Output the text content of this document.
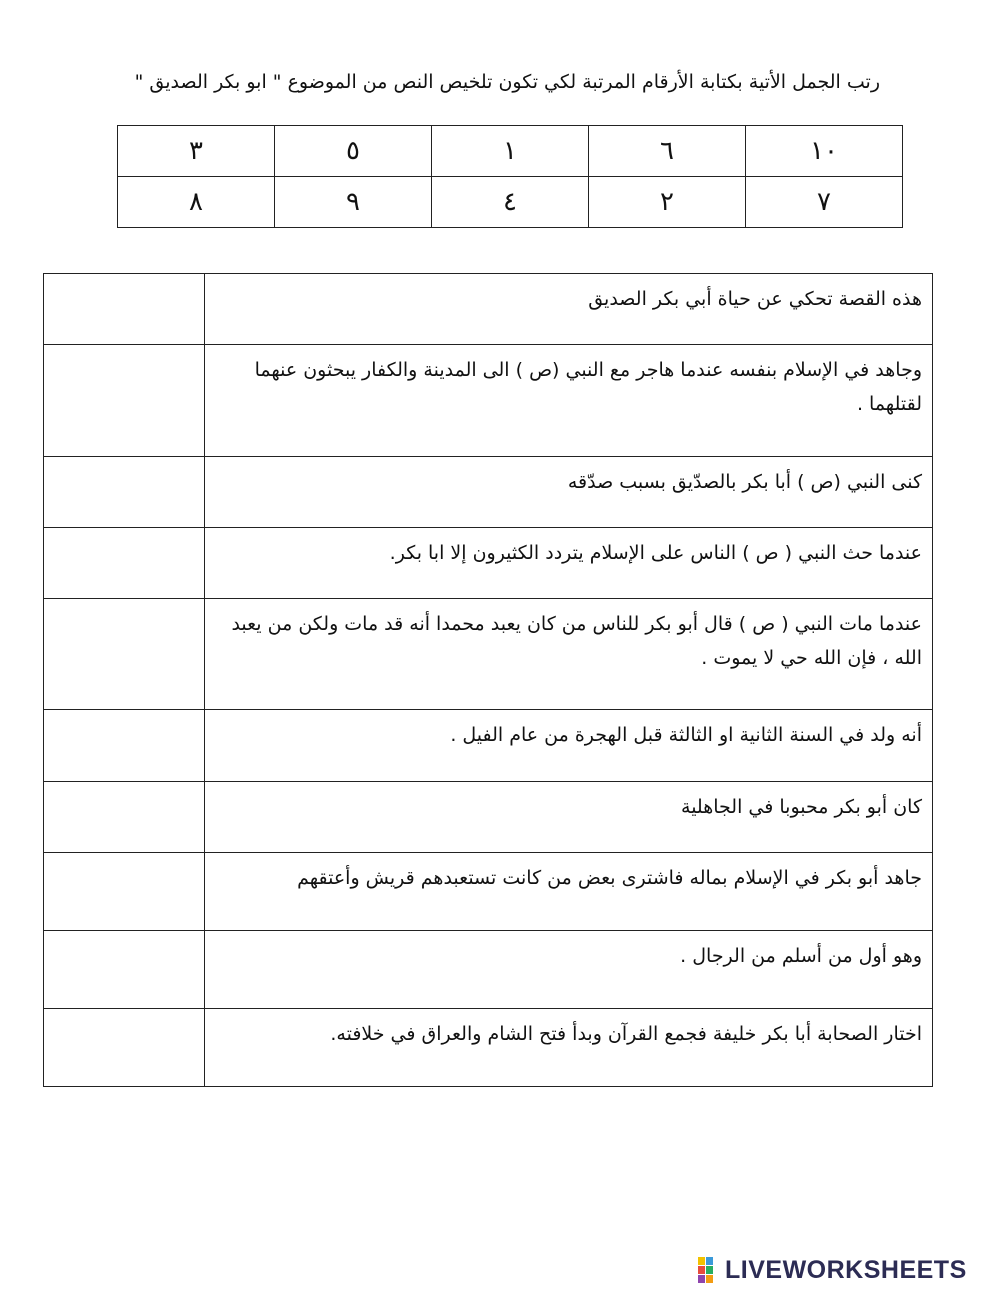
رتب الجمل الأتية بكتابة الأرقام المرتبة لكي تكون تلخيص النص من الموضوع " ابو بكر الصديق "
١٠	٦	١	٥	٣
٧	٢	٤	٩	٨
هذه القصة تحكي عن حياة أبي بكر الصديق	

وجاهد في الإسلام بنفسه عندما هاجر مع النبي (ص ) الى المدينة والكفار يبحثون عنهما لقتلهما .	

كنى النبي (ص ) أبا بكر بالصدّيق بسبب صدّقه	

عندما حث النبي ( ص ) الناس على الإسلام يتردد الكثيرون إلا ابا بكر.	

عندما مات النبي ( ص ) قال أبو بكر للناس من كان يعبد محمدا أنه قد مات ولكن من يعبد الله ، فإن الله حي لا يموت .	

أنه ولد في السنة الثانية او الثالثة قبل الهجرة من عام الفيل .	

كان أبو بكر محبوبا في الجاهلية	

جاهد أبو بكر في الإسلام بماله فاشترى بعض من كانت تستعبدهم قريش وأعتقهم	

وهو أول من أسلم من الرجال .	

اختار الصحابة أبا بكر خليفة فجمع القرآن وبدأ فتح الشام والعراق في خلافته.	
LIVEWORKSHEETS
